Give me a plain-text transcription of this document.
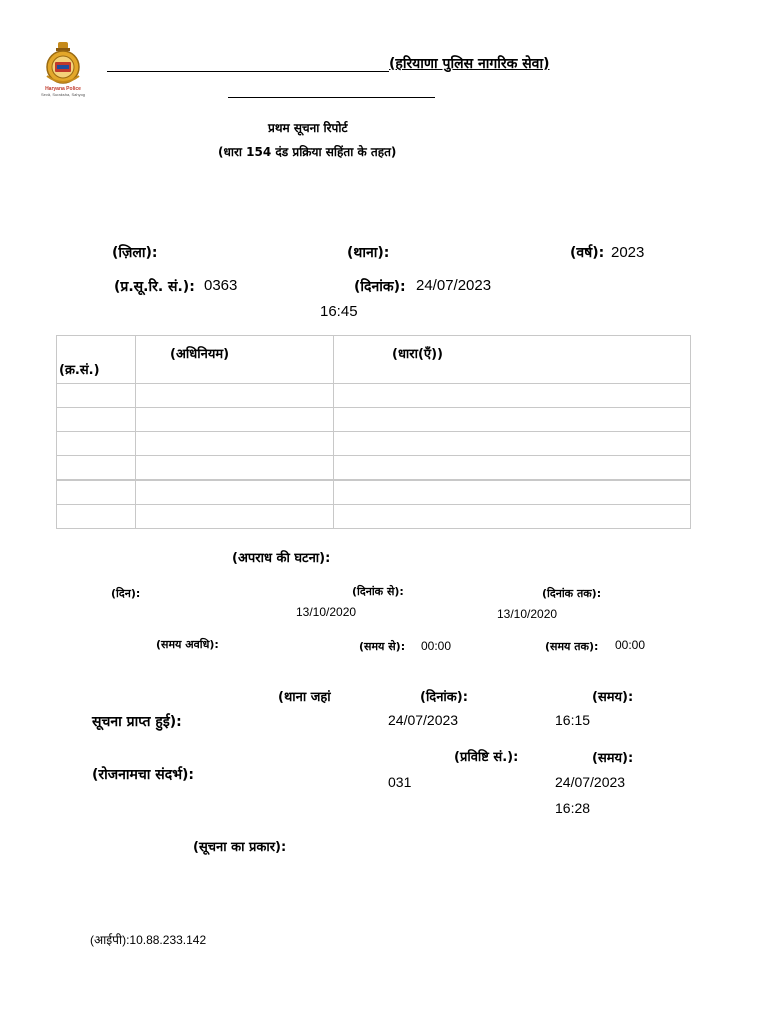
Haryana Police
Sevā, Suraksha, Sahyog
(हरियाणा पुलिस नागरिक सेवा)
प्रथम सूचना रिपोर्ट
(धारा 154 दंड प्रक्रिया सहिंता के तहत)
(ज़िला):	(थाना):	(वर्ष): 2023
(प्र.सू.रि. सं.): 0363	(दिनांक): 24/07/2023
16:45
(क्र.सं.)	(अधिनियम)	(धारा(एँ))

(अपराध की घटना):
(दिन):	(दिनांक से):
13/10/2020
(दिनांक तक):
13/10/2020
(समय अवधि):	(समय से): 00:00	(समय तक): 00:00
(थाना जहां	(दिनांक):	(समय):
सूचना प्राप्त हुई):	24/07/2023	16:15
(प्रविष्टि सं.):	(समय):
(रोजनामचा संदर्भ):	031	24/07/2023
16:28
(सूचना का प्रकार):
(आईपी):10.88.233.142
